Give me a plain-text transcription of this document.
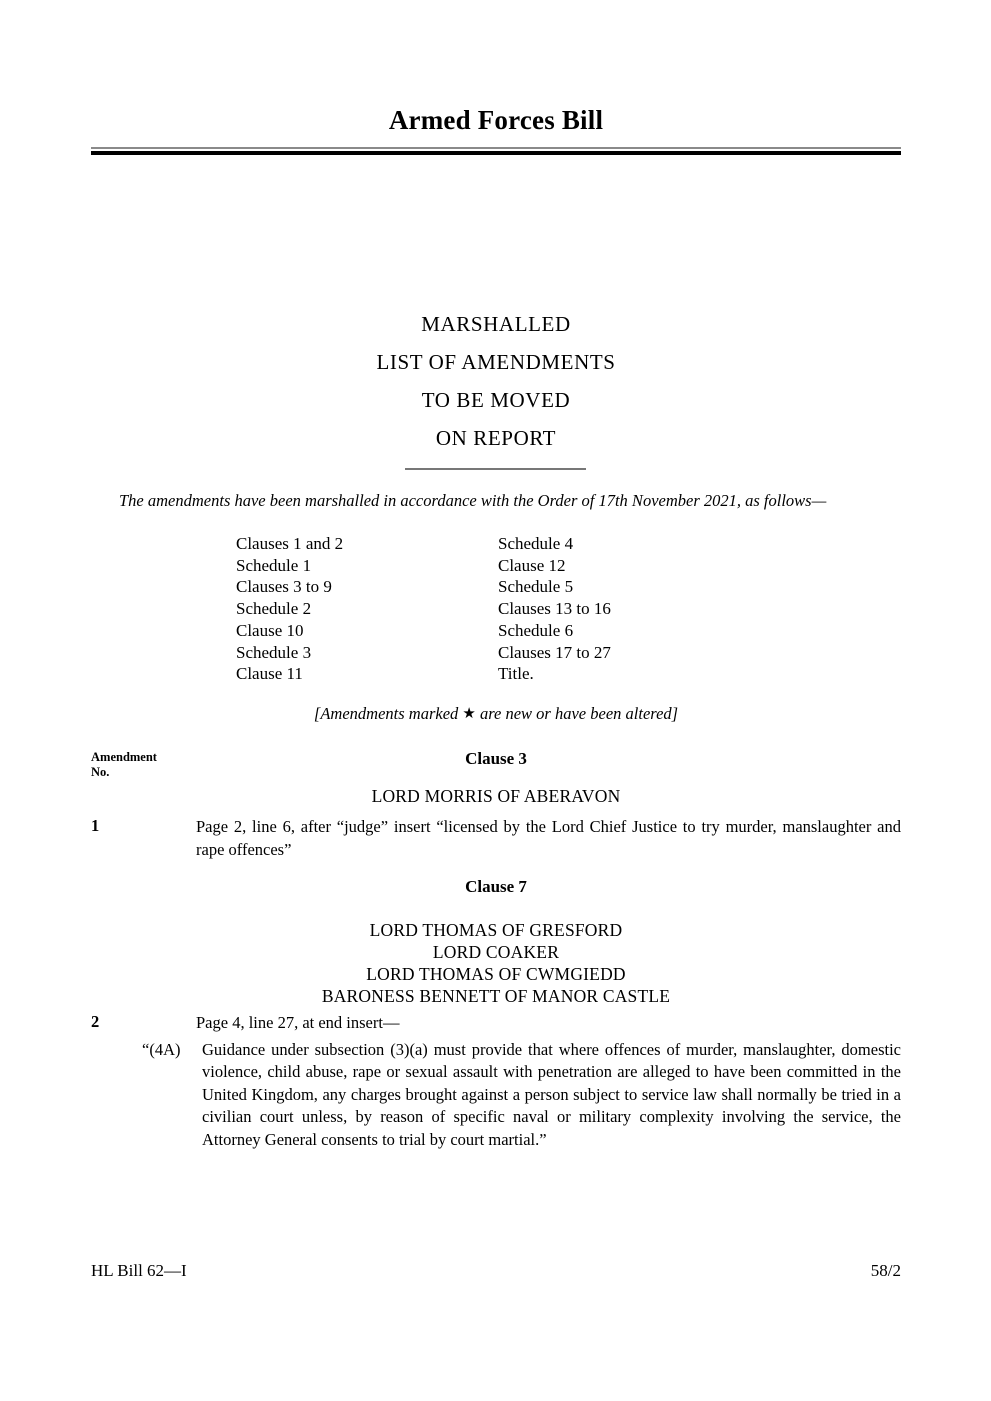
Armed Forces Bill
MARSHALLED
LIST OF AMENDMENTS
TO BE MOVED
ON REPORT
The amendments have been marshalled in accordance with the Order of 17th November 2021, as follows—
Clauses 1 and 2	Schedule 4
Schedule 1	Clause 12
Clauses 3 to 9	Schedule 5
Schedule 2	Clauses 13 to 16
Clause 10	Schedule 6
Schedule 3	Clauses 17 to 27
Clause 11	Title.
[Amendments marked ★ are new or have been altered]
Amendment
No.
Clause 3
LORD MORRIS OF ABERAVON
1	Page 2, line 6, after “judge” insert “licensed by the Lord Chief Justice to try murder, manslaughter and rape offences”
Clause 7
LORD THOMAS OF GRESFORD
LORD COAKER
LORD THOMAS OF CWMGIEDD
BARONESS BENNETT OF MANOR CASTLE
2	Page 4, line 27, at end insert—
“(4A)	Guidance under subsection (3)(a) must provide that where offences of murder, manslaughter, domestic violence, child abuse, rape or sexual assault with penetration are alleged to have been committed in the United Kingdom, any charges brought against a person subject to service law shall normally be tried in a civilian court unless, by reason of specific naval or military complexity involving the service, the Attorney General consents to trial by court martial.”
HL Bill 62—I	58/2
